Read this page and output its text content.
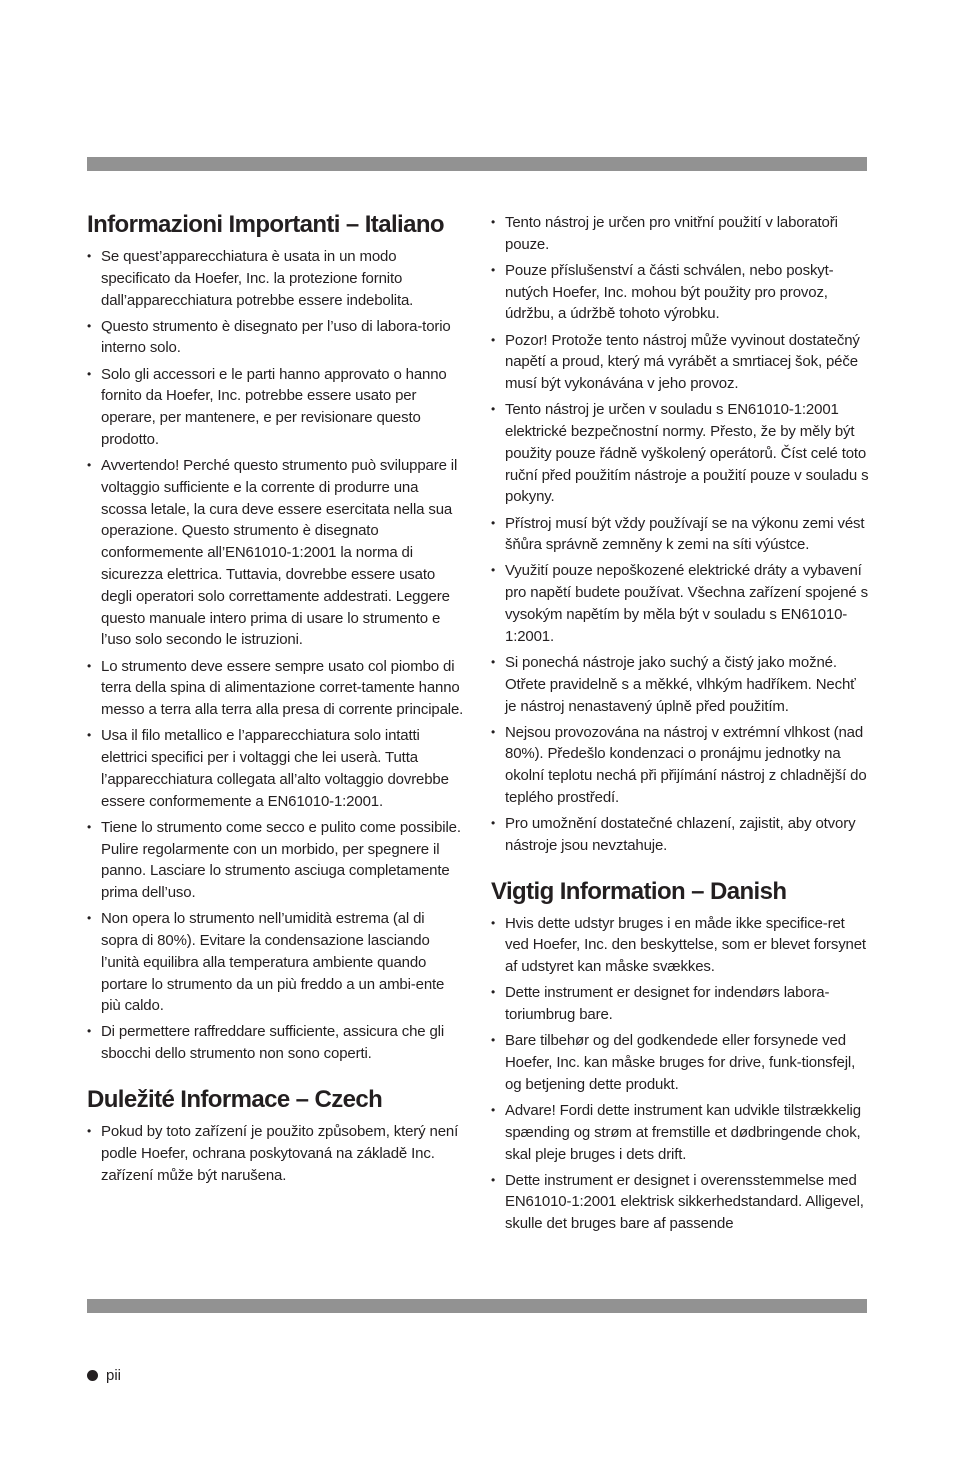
Informazioni Importanti – Italiano
• Se quest’apparecchiatura è usata in un modo specificato da Hoefer, Inc. la protezione fornito dall’apparecchiatura potrebbe essere indebolita.
• Questo strumento è disegnato per l’uso di labora-torio interno solo.
• Solo gli accessori e le parti hanno approvato o hanno fornito da Hoefer, Inc. potrebbe essere usato per operare, per mantenere, e per revisionare questo prodotto.
• Avvertendo! Perché questo strumento può sviluppare il voltaggio sufficiente e la corrente di produrre una scossa letale, la cura deve essere esercitata nella sua operazione. Questo strumento è disegnato conformemente all’EN61010-1:2001 la norma di sicurezza elettrica. Tuttavia, dovrebbe essere usato degli operatori solo correttamente addestrati. Leggere questo manuale intero prima di usare lo strumento e l’uso solo secondo le istruzioni.
• Lo strumento deve essere sempre usato col piombo di terra della spina di alimentazione corret-tamente hanno messo a terra alla terra alla presa di corrente principale.
• Usa il filo metallico e l’apparecchiatura solo intatti elettrici specifici per i voltaggi che lei userà. Tutta l’apparecchiatura collegata all’alto voltaggio dovrebbe essere conformemente a EN61010-1:2001.
• Tiene lo strumento come secco e pulito come possibile. Pulire regolarmente con un morbido, per spegnere il panno. Lasciare lo strumento asciuga completamente prima dell’uso.
• Non opera lo strumento nell’umidità estrema (al di sopra di 80%). Evitare la condensazione lasciando l’unità equilibra alla temperatura ambiente quando portare lo strumento da un più freddo a un ambi-ente più caldo.
• Di permettere raffreddare sufficiente, assicura che gli sbocchi dello strumento non sono coperti.
Duležité Informace – Czech
• Pokud by toto zařízení je použito způsobem, který není podle Hoefer, ochrana poskytovaná na základě Inc. zařízení může být narušena.
• Tento nástroj je určen pro vnitřní použití v laboratoři pouze.
• Pouze příslušenství a části schválen, nebo poskyt-nutých Hoefer, Inc. mohou být použity pro provoz, údržbu, a údržbě tohoto výrobku.
• Pozor! Protože tento nástroj může vyvinout dostatečný napětí a proud, který má vyrábět a smrtiacej šok, péče musí být vykonávána v jeho provoz.
• Tento nástroj je určen v souladu s EN61010-1:2001 elektrické bezpečnostní normy. Přesto, že by měly být použity pouze řádně vyškolený operátorů. Číst celé toto ruční před použitím nástroje a použití pouze v souladu s pokyny.
• Přístroj musí být vždy používají se na výkonu zemi vést šňůra správně zemněny k zemi na síti výústce.
• Využití pouze nepoškozené elektrické dráty a vybavení pro napětí budete používat. Všechna zařízení spojené s vysokým napětím by měla být v souladu s EN61010-1:2001.
• Si ponechá nástroje jako suchý a čistý jako možné. Otřete pravidelně s a měkké, vlhkým hadříkem. Nechť je nástroj nenastavený úplně před použitím.
• Nejsou provozována na nástroj v extrémní vlhkost (nad 80%). Předešlo kondenzaci o pronájmu jednotky na okolní teplotu nechá při přijímání nástroj z chladnější do teplého prostředí.
• Pro umožnění dostatečné chlazení, zajistit, aby otvory nástroje jsou nevztahuje.
Vigtig Information – Danish
• Hvis dette udstyr bruges i en måde ikke specifice-ret ved Hoefer, Inc. den beskyttelse, som er blevet forsynet af udstyret kan måske svækkes.
• Dette instrument er designet for indendørs labora-toriumbrug bare.
• Bare tilbehør og del godkendede eller forsynede ved Hoefer, Inc. kan måske bruges for drive, funk-tionsfejl, og betjening dette produkt.
• Advare! Fordi dette instrument kan udvikle tilstrækkelig spænding og strøm at fremstille et dødbringende chok, skal pleje bruges i dets drift.
• Dette instrument er designet i overensstemmelse med EN61010-1:2001 elektrisk sikkerhedstandard. Alligevel, skulle det bruges bare af passende
pii
